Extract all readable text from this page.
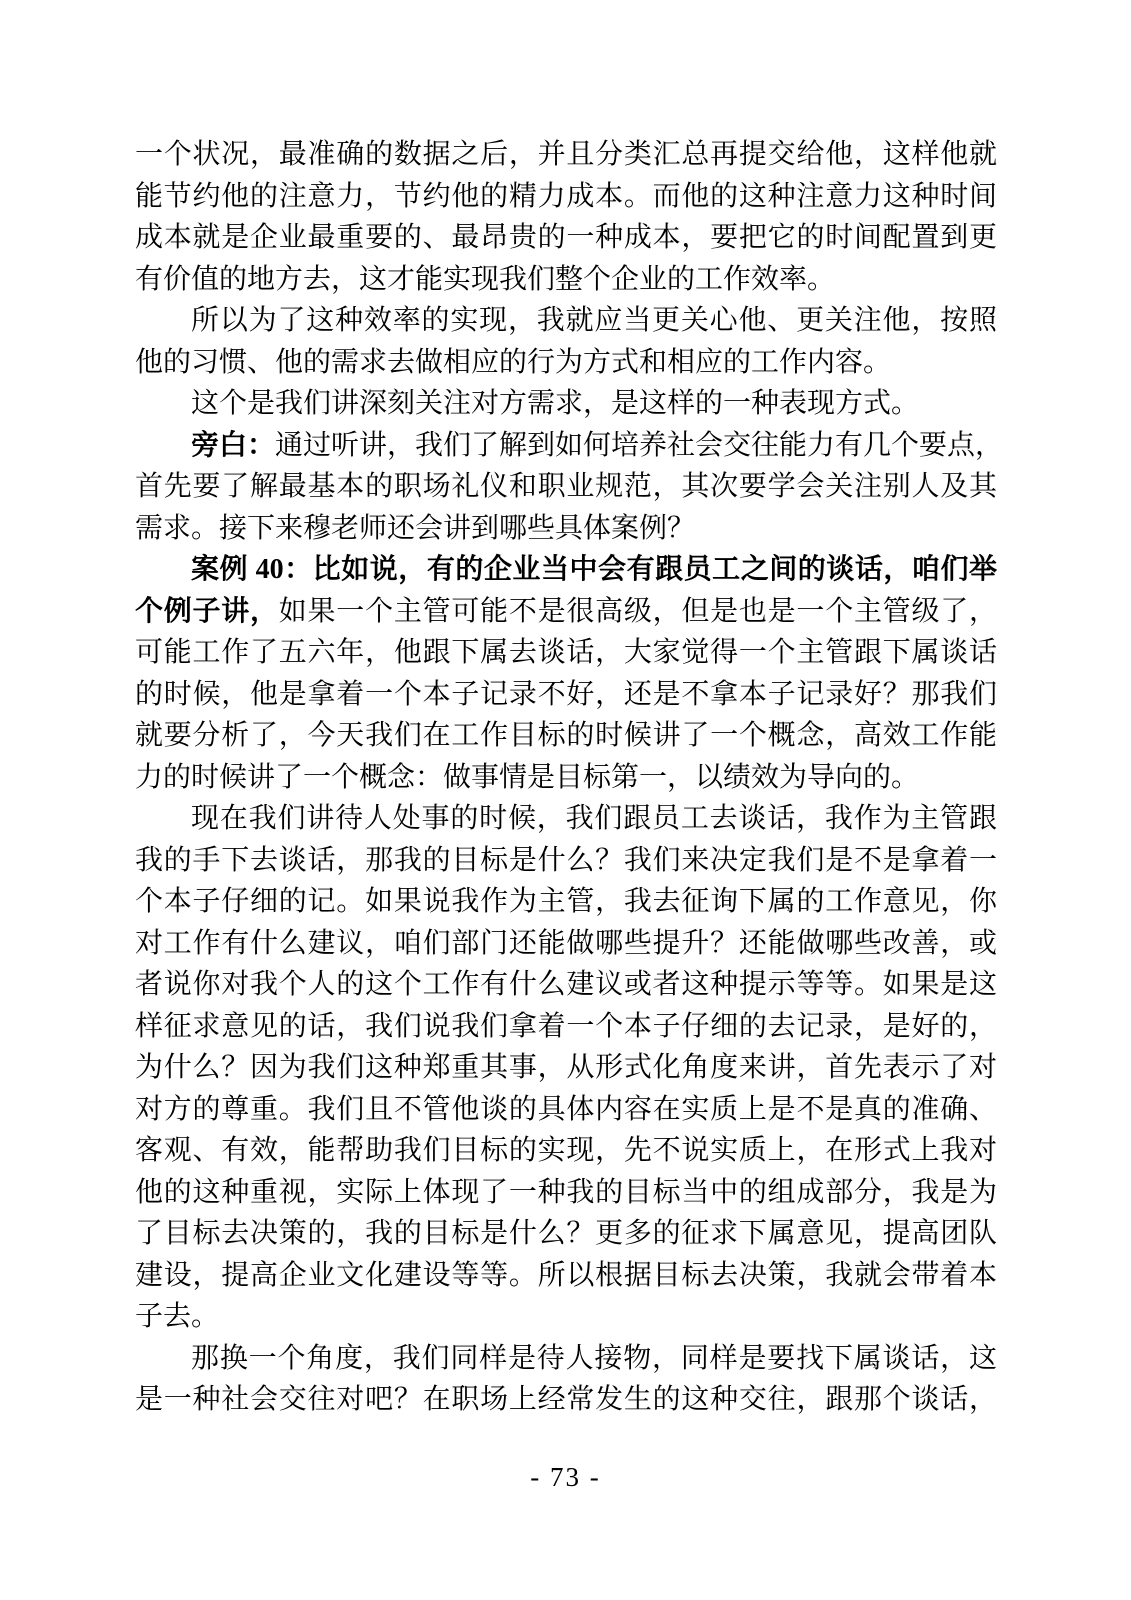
一个状况，最准确的数据之后，并且分类汇总再提交给他，这样他就
能节约他的注意力，节约他的精力成本。而他的这种注意力这种时间
成本就是企业最重要的、最昂贵的一种成本，要把它的时间配置到更
有价值的地方去，这才能实现我们整个企业的工作效率。
所以为了这种效率的实现，我就应当更关心他、更关注他，按照
他的习惯、他的需求去做相应的行为方式和相应的工作内容。
这个是我们讲深刻关注对方需求，是这样的一种表现方式。
旁白：通过听讲，我们了解到如何培养社会交往能力有几个要点，
首先要了解最基本的职场礼仪和职业规范，其次要学会关注别人及其
需求。接下来穆老师还会讲到哪些具体案例？
案例 40：比如说，有的企业当中会有跟员工之间的谈话，咱们举
个例子讲，如果一个主管可能不是很高级，但是也是一个主管级了，
可能工作了五六年，他跟下属去谈话，大家觉得一个主管跟下属谈话
的时候，他是拿着一个本子记录不好，还是不拿本子记录好？那我们
就要分析了，今天我们在工作目标的时候讲了一个概念，高效工作能
力的时候讲了一个概念：做事情是目标第一，以绩效为导向的。
现在我们讲待人处事的时候，我们跟员工去谈话，我作为主管跟
我的手下去谈话，那我的目标是什么？我们来决定我们是不是拿着一
个本子仔细的记。如果说我作为主管，我去征询下属的工作意见，你
对工作有什么建议，咱们部门还能做哪些提升？还能做哪些改善，或
者说你对我个人的这个工作有什么建议或者这种提示等等。如果是这
样征求意见的话，我们说我们拿着一个本子仔细的去记录，是好的，
为什么？因为我们这种郑重其事，从形式化角度来讲，首先表示了对
对方的尊重。我们且不管他谈的具体内容在实质上是不是真的准确、
客观、有效，能帮助我们目标的实现，先不说实质上，在形式上我对
他的这种重视，实际上体现了一种我的目标当中的组成部分，我是为
了目标去决策的，我的目标是什么？更多的征求下属意见，提高团队
建设，提高企业文化建设等等。所以根据目标去决策，我就会带着本
子去。
那换一个角度，我们同样是待人接物，同样是要找下属谈话，这
是一种社会交往对吧？在职场上经常发生的这种交往，跟那个谈话，
- 73 -
